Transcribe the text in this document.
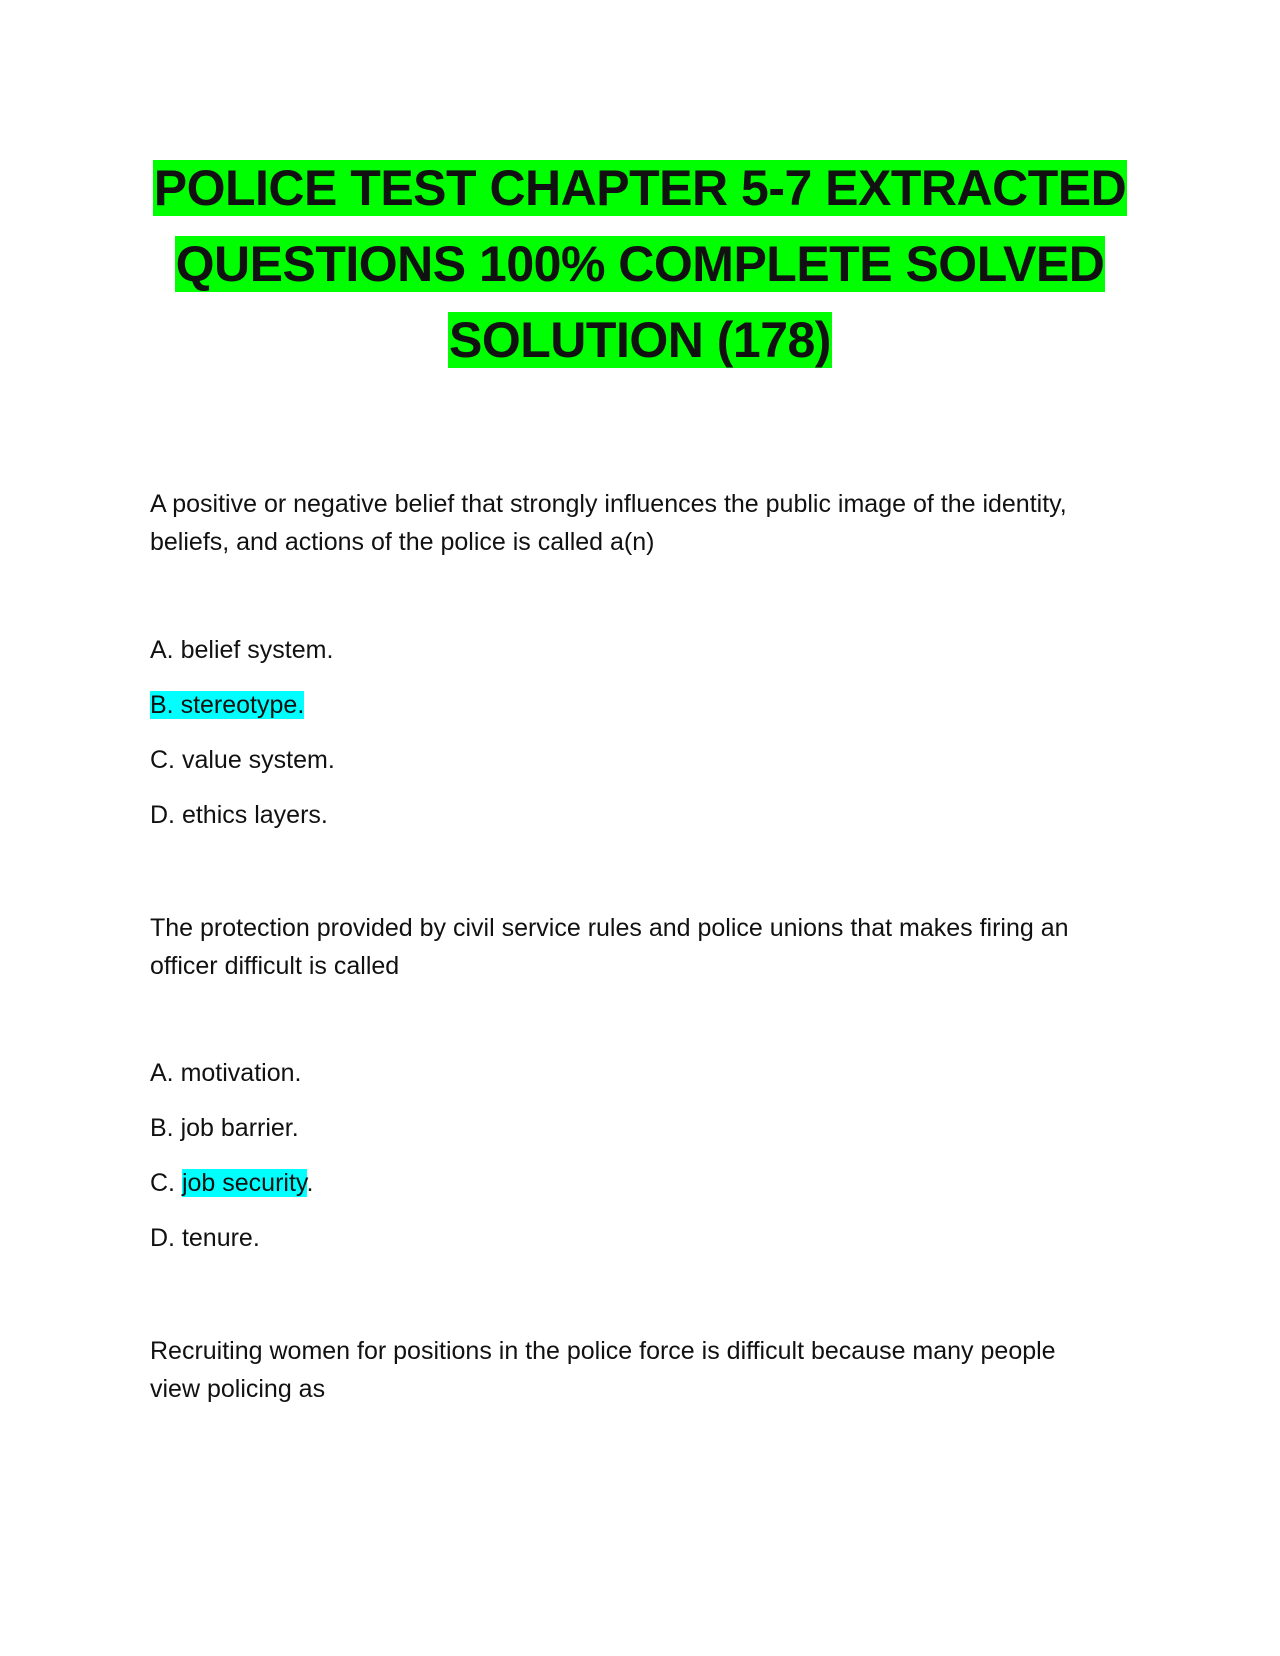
POLICE TEST CHAPTER 5-7 EXTRACTED QUESTIONS 100% COMPLETE SOLVED SOLUTION (178)
A positive or negative belief that strongly influences the public image of the identity, beliefs, and actions of the police is called a(n)
A. belief system.
B. stereotype.
C. value system.
D. ethics layers.
The protection provided by civil service rules and police unions that makes firing an officer difficult is called
A. motivation.
B. job barrier.
C. job security.
D. tenure.
Recruiting women for positions in the police force is difficult because many people view policing as
